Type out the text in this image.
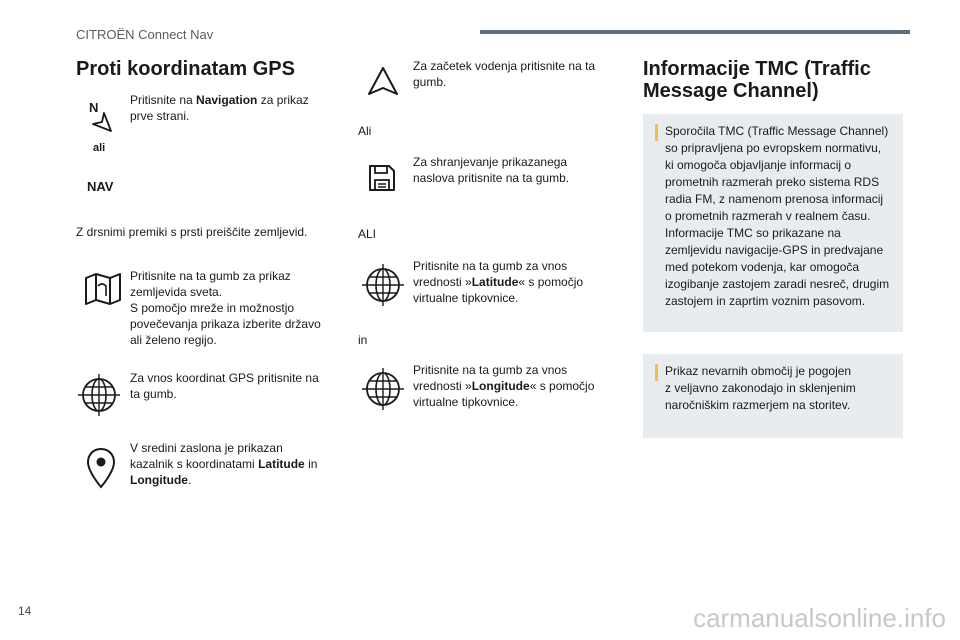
CITROËN Connect Nav
Proti koordinatam GPS
N
ali
NAV
Pritisnite na Navigation za prikaz prve strani.
Z drsnimi premiki s prsti preiščite zemljevid.
Pritisnite na ta gumb za prikaz
zemljevida sveta.
S pomočjo mreže in možnostjo
povečevanja prikaza izberite državo
ali želeno regijo.
Za vnos koordinat GPS pritisnite na
ta gumb.
V sredini zaslona je prikazan
kazalnik s koordinatami Latitude in
Longitude.
Za začetek vodenja pritisnite na ta
gumb.
Ali
Za shranjevanje prikazanega
naslova pritisnite na ta gumb.
ALI
Pritisnite na ta gumb za vnos
vrednosti »Latitude« s pomočjo
virtualne tipkovnice.
in
Pritisnite na ta gumb za vnos
vrednosti »Longitude« s pomočjo
virtualne tipkovnice.
Informacije TMC (Traffic
Message Channel)
Sporočila TMC (Traffic Message Channel)
so pripravljena po evropskem normativu,
ki omogoča objavljanje informacij o
prometnih razmerah preko sistema RDS
radia FM, z namenom prenosa informacij
o prometnih razmerah v realnem času.
Informacije TMC so prikazane na
zemljevidu navigacije-GPS in predvajane
med potekom vodenja, kar omogoča
izogibanje zastojem zaradi nesreč, drugim
zastojem in zaprtim voznim pasovom.
Prikaz nevarnih območij je pogojen
z veljavno zakonodajo in sklenjenim
naročniškim razmerjem na storitev.
14	carmanualsonline.info
